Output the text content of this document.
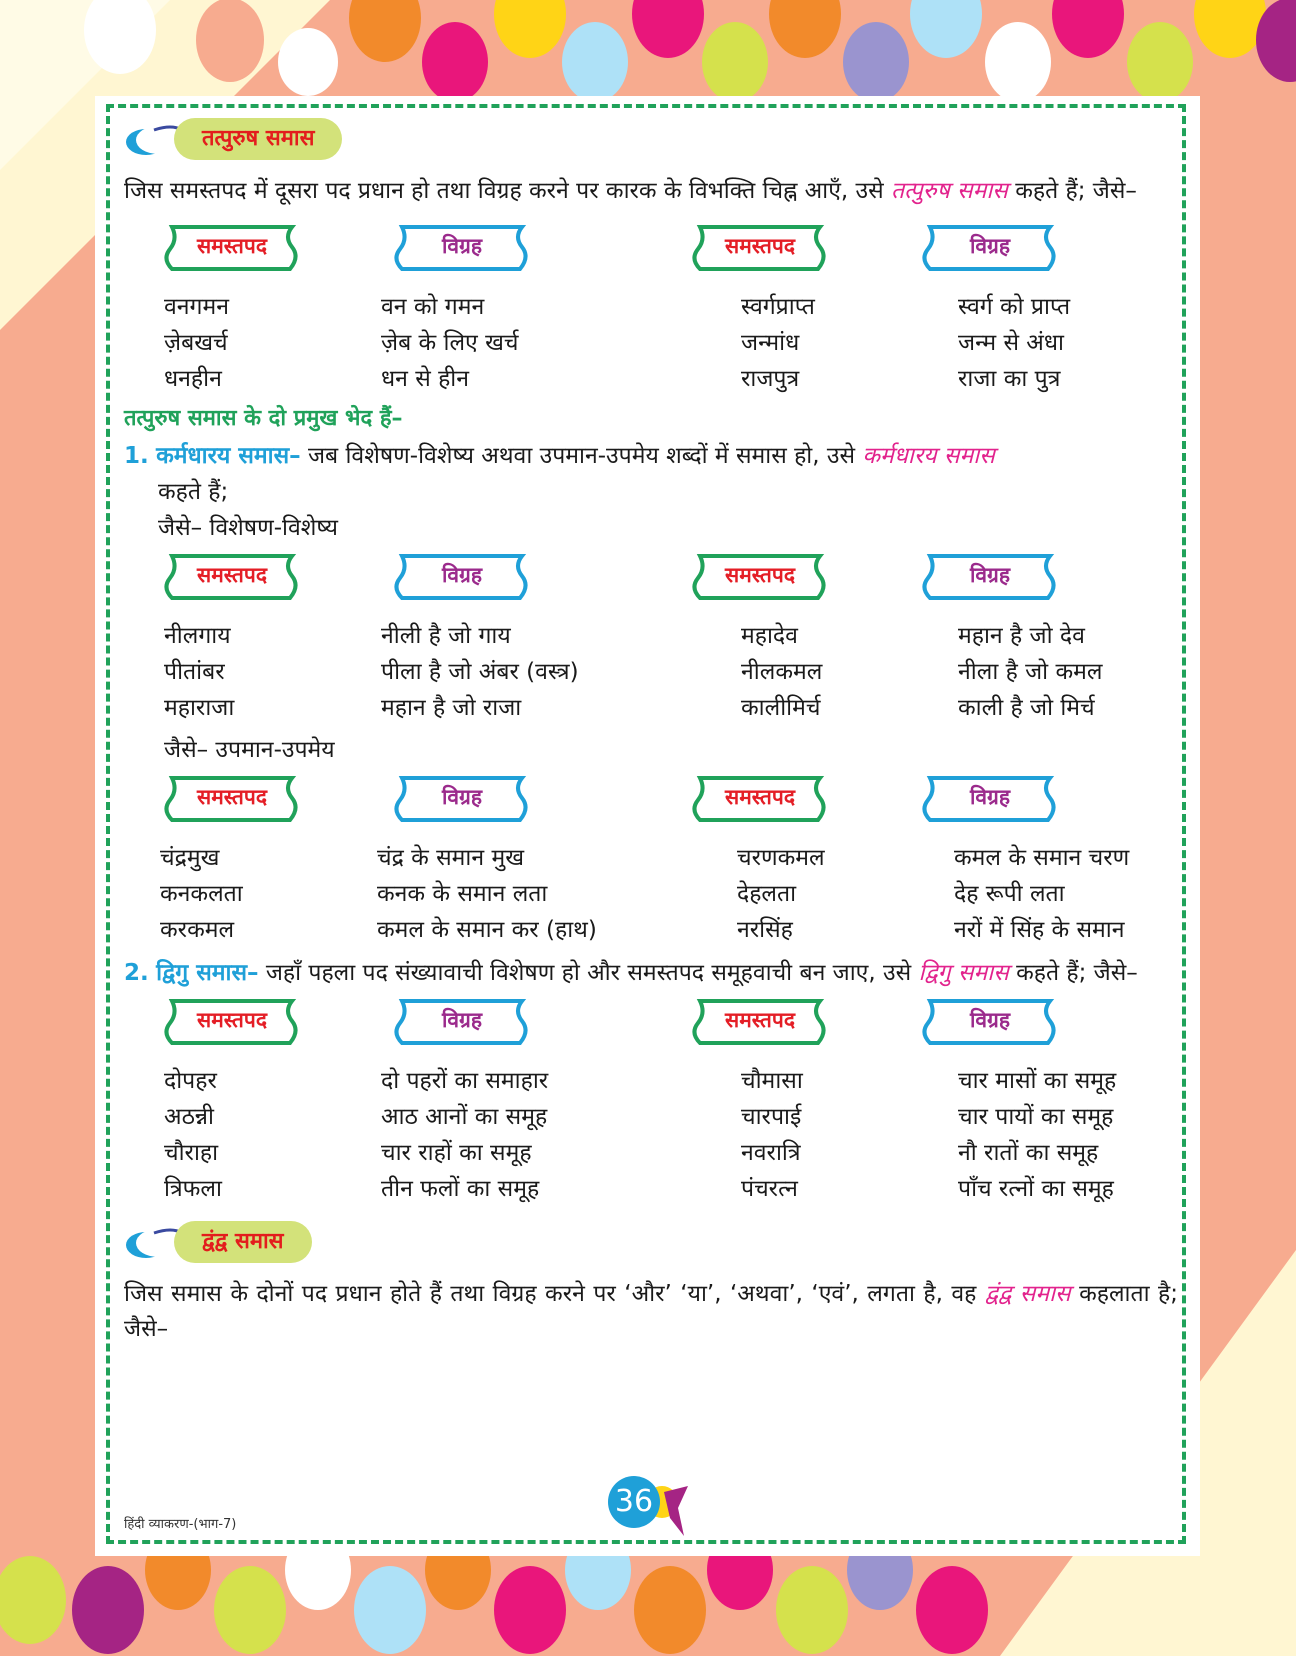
तत्पुरुष समास

जिस समस्तपद में दूसरा पद प्रधान हो तथा विग्रह करने पर कारक के विभक्ति चिह्न आएँ, उसे तत्पुरुष समास कहते हैं; जैसे–

समस्तपद	विग्रह	समस्तपद	विग्रह
वनगमन	वन को गमन	स्वर्गप्राप्त	स्वर्ग को प्राप्त
ज़ेबखर्च	ज़ेब के लिए खर्च	जन्मांध	जन्म से अंधा
धनहीन	धन से हीन	राजपुत्र	राजा का पुत्र
तत्पुरुष समास के दो प्रमुख भेद हैं–
1. कर्मधारय समास– जब विशेषण-विशेष्य अथवा उपमान-उपमेय शब्दों में समास हो, उसे कर्मधारय समास
कहते हैं;
जैसे– विशेषण-विशेष्य
समस्तपद	विग्रह	समस्तपद	विग्रह
नीलगाय	नीली है जो गाय	महादेव	महान है जो देव
पीतांबर	पीला है जो अंबर (वस्त्र)	नीलकमल	नीला है जो कमल
महाराजा	महान है जो राजा	कालीमिर्च	काली है जो मिर्च
जैसे– उपमान-उपमेय
समस्तपद	विग्रह	समस्तपद	विग्रह
चंद्रमुख	चंद्र के समान मुख	चरणकमल	कमल के समान चरण
कनकलता	कनक के समान लता	देहलता	देह रूपी लता
करकमल	कमल के समान कर (हाथ)	नरसिंह	नरों में सिंह के समान
2. द्विगु समास– जहाँ पहला पद संख्यावाची विशेषण हो और समस्तपद समूहवाची बन जाए, उसे द्विगु समास कहते हैं; जैसे–
समस्तपद	विग्रह	समस्तपद	विग्रह
दोपहर	दो पहरों का समाहार	चौमासा	चार मासों का समूह
अठन्नी	आठ आनों का समूह	चारपाई	चार पायों का समूह
चौराहा	चार राहों का समूह	नवरात्रि	नौ रातों का समूह
त्रिफला	तीन फलों का समूह	पंचरत्न	पाँच रत्नों का समूह
द्वंद्व समास

जिस समास के दोनों पद प्रधान होते हैं तथा विग्रह करने पर ‘और’ ‘या’, ‘अथवा’, ‘एवं’, लगता है, वह द्वंद्व समास कहलाता है; जैसे–

हिंदी व्याकरण-(भाग-7)
36
